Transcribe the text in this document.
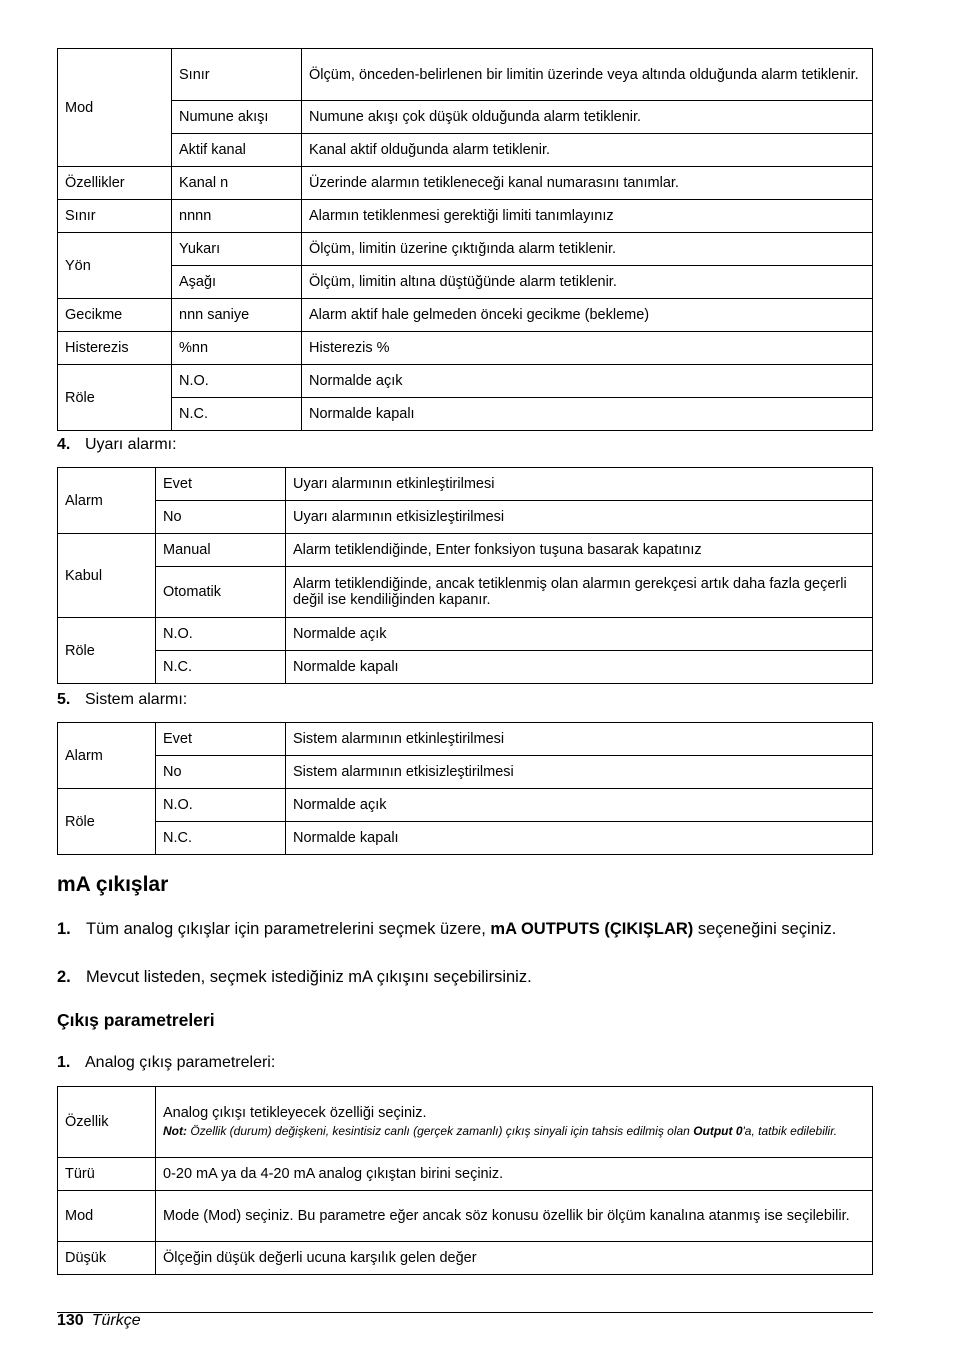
Mod	Sınır	Ölçüm, önceden-belirlenen bir limitin üzerinde veya altında olduğunda alarm tetiklenir.
	Numune akışı	Numune akışı çok düşük olduğunda alarm tetiklenir.
	Aktif kanal	Kanal aktif olduğunda alarm tetiklenir.
Özellikler	Kanal n	Üzerinde alarmın tetikleneceği kanal numarasını tanımlar.
Sınır	nnnn	Alarmın tetiklenmesi gerektiği limiti tanımlayınız
Yön	Yukarı	Ölçüm, limitin üzerine çıktığında alarm tetiklenir.
	Aşağı	Ölçüm, limitin altına düştüğünde alarm tetiklenir.
Gecikme	nnn saniye	Alarm aktif hale gelmeden önceki gecikme (bekleme)
Histerezis	%nn	Histerezis %
Röle	N.O.	Normalde açık
	N.C.	Normalde kapalı
4. Uyarı alarmı:
Alarm	Evet	Uyarı alarmının etkinleştirilmesi
	No	Uyarı alarmının etkisizleştirilmesi
Kabul	Manual	Alarm tetiklendiğinde, Enter fonksiyon tuşuna basarak kapatınız
	Otomatik	Alarm tetiklendiğinde, ancak tetiklenmiş olan alarmın gerekçesi artık daha fazla geçerli değil ise kendiliğinden kapanır.
Röle	N.O.	Normalde açık
	N.C.	Normalde kapalı
5. Sistem alarmı:
Alarm	Evet	Sistem alarmının etkinleştirilmesi
	No	Sistem alarmının etkisizleştirilmesi
Röle	N.O.	Normalde açık
	N.C.	Normalde kapalı
mA çıkışlar
1. Tüm analog çıkışlar için parametrelerini seçmek üzere, mA OUTPUTS (ÇIKIŞLAR) seçeneğini seçiniz.
2. Mevcut listeden, seçmek istediğiniz mA çıkışını seçebilirsiniz.
Çıkış parametreleri
1. Analog çıkış parametreleri:
Özellik	Analog çıkışı tetikleyecek özelliği seçiniz.
Not: Özellik (durum) değişkeni, kesintisiz canlı (gerçek zamanlı) çıkış sinyali için tahsis edilmiş olan Output 0'a, tatbik edilebilir.

Türü	0-20 mA ya da 4-20 mA analog çıkıştan birini seçiniz.
Mod	Mode (Mod) seçiniz. Bu parametre eğer ancak söz konusu özellik bir ölçüm kanalına atanmış ise seçilebilir.
Düşük	Ölçeğin düşük değerli ucuna karşılık gelen değer
130 Türkçe
